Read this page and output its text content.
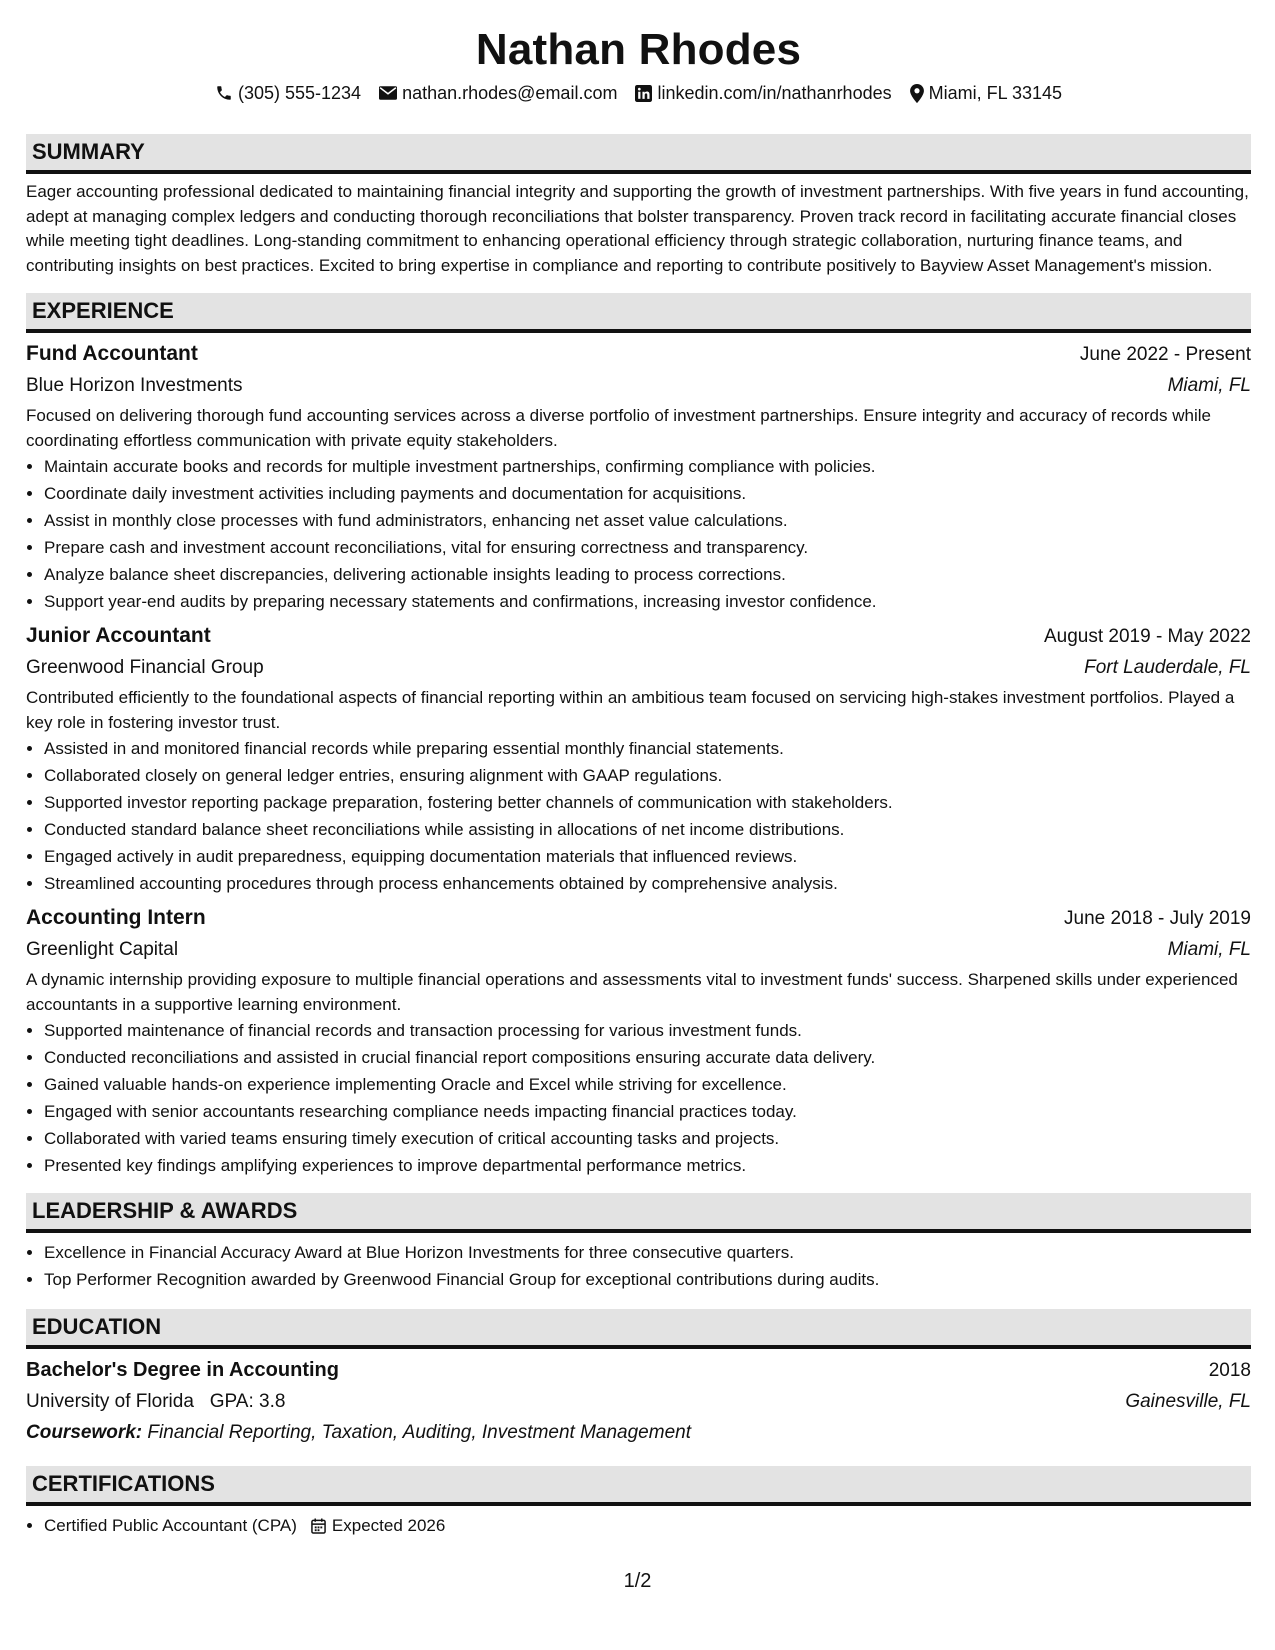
Nathan Rhodes
(305) 555-1234 nathan.rhodes@email.com linkedin.com/in/nathanrhodes Miami, FL 33145
SUMMARY

Eager accounting professional dedicated to maintaining financial integrity and supporting the growth of investment partnerships. With five years in fund accounting, adept at managing complex ledgers and conducting thorough reconciliations that bolster transparency. Proven track record in facilitating accurate financial closes while meeting tight deadlines. Long-standing commitment to enhancing operational efficiency through strategic collaboration, nurturing finance teams, and contributing insights on best practices. Excited to bring expertise in compliance and reporting to contribute positively to Bayview Asset Management's mission.

EXPERIENCE
Fund Accountant	June 2022 - Present
Blue Horizon Investments	Miami, FL
Focused on delivering thorough fund accounting services across a diverse portfolio of investment partnerships. Ensure integrity and accuracy of records while coordinating effortless communication with private equity stakeholders.
• Maintain accurate books and records for multiple investment partnerships, confirming compliance with policies.
• Coordinate daily investment activities including payments and documentation for acquisitions.
• Assist in monthly close processes with fund administrators, enhancing net asset value calculations.
• Prepare cash and investment account reconciliations, vital for ensuring correctness and transparency.
• Analyze balance sheet discrepancies, delivering actionable insights leading to process corrections.
• Support year-end audits by preparing necessary statements and confirmations, increasing investor confidence.
Junior Accountant	August 2019 - May 2022
Greenwood Financial Group	Fort Lauderdale, FL
Contributed efficiently to the foundational aspects of financial reporting within an ambitious team focused on servicing high-stakes investment portfolios. Played a key role in fostering investor trust.
• Assisted in and monitored financial records while preparing essential monthly financial statements.
• Collaborated closely on general ledger entries, ensuring alignment with GAAP regulations.
• Supported investor reporting package preparation, fostering better channels of communication with stakeholders.
• Conducted standard balance sheet reconciliations while assisting in allocations of net income distributions.
• Engaged actively in audit preparedness, equipping documentation materials that influenced reviews.
• Streamlined accounting procedures through process enhancements obtained by comprehensive analysis.
Accounting Intern	June 2018 - July 2019
Greenlight Capital	Miami, FL
A dynamic internship providing exposure to multiple financial operations and assessments vital to investment funds' success. Sharpened skills under experienced accountants in a supportive learning environment.
• Supported maintenance of financial records and transaction processing for various investment funds.
• Conducted reconciliations and assisted in crucial financial report compositions ensuring accurate data delivery.
• Gained valuable hands-on experience implementing Oracle and Excel while striving for excellence.
• Engaged with senior accountants researching compliance needs impacting financial practices today.
• Collaborated with varied teams ensuring timely execution of critical accounting tasks and projects.
• Presented key findings amplifying experiences to improve departmental performance metrics.
LEADERSHIP & AWARDS
• Excellence in Financial Accuracy Award at Blue Horizon Investments for three consecutive quarters.
• Top Performer Recognition awarded by Greenwood Financial Group for exceptional contributions during audits.
EDUCATION
Bachelor's Degree in Accounting	2018
University of Florida GPA: 3.8	Gainesville, FL
Coursework: Financial Reporting, Taxation, Auditing, Investment Management
CERTIFICATIONS
• Certified Public Accountant (CPA) Expected 2026
1/2
